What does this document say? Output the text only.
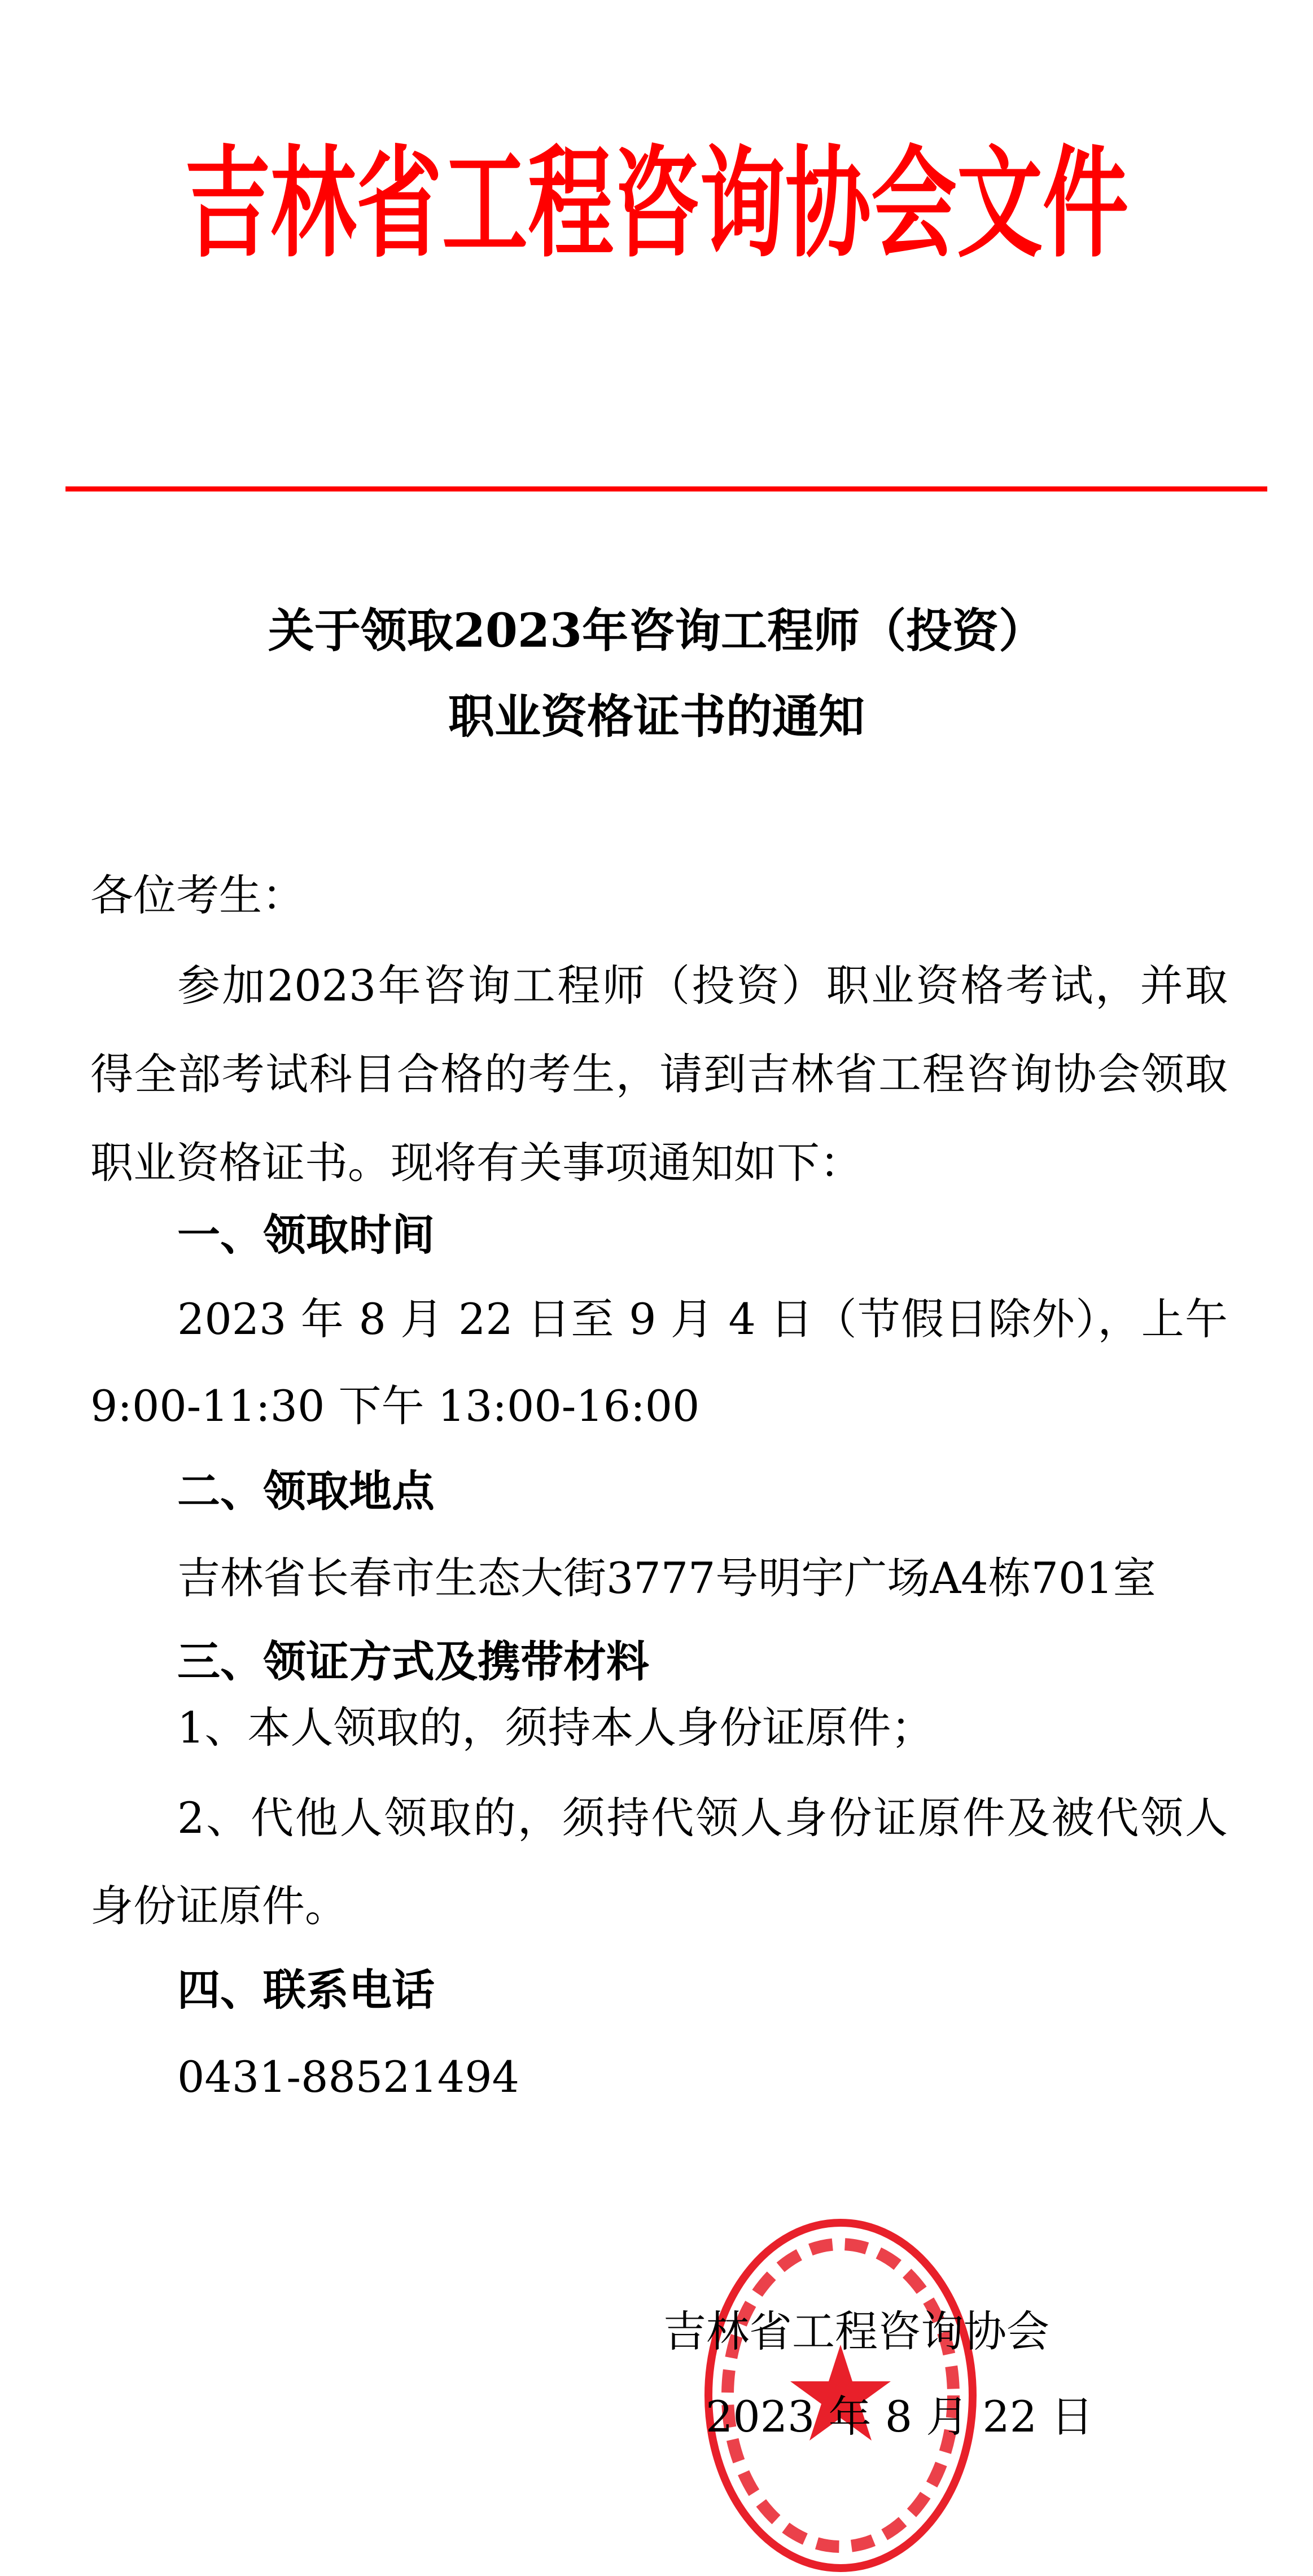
吉林省工程咨询协会文件
关于领取2023年咨询工程师（投资）
职业资格证书的通知
各位考生：
参加2023年咨询工程师（投资）职业资格考试，并取
得全部考试科目合格的考生，请到吉林省工程咨询协会领取
职业资格证书。现将有关事项通知如下：
一、领取时间
2023 年 8 月 22 日至 9 月 4 日（节假日除外），上午
9:00-11:30 下午 13:00-16:00
二、领取地点
吉林省长春市生态大街3777号明宇广场A4栋701室
三、领证方式及携带材料
1、本人领取的，须持本人身份证原件；
2、代他人领取的，须持代领人身份证原件及被代领人
身份证原件。
四、联系电话
0431-88521494
吉林省工程咨询协会
2023 年 8 月 22 日
